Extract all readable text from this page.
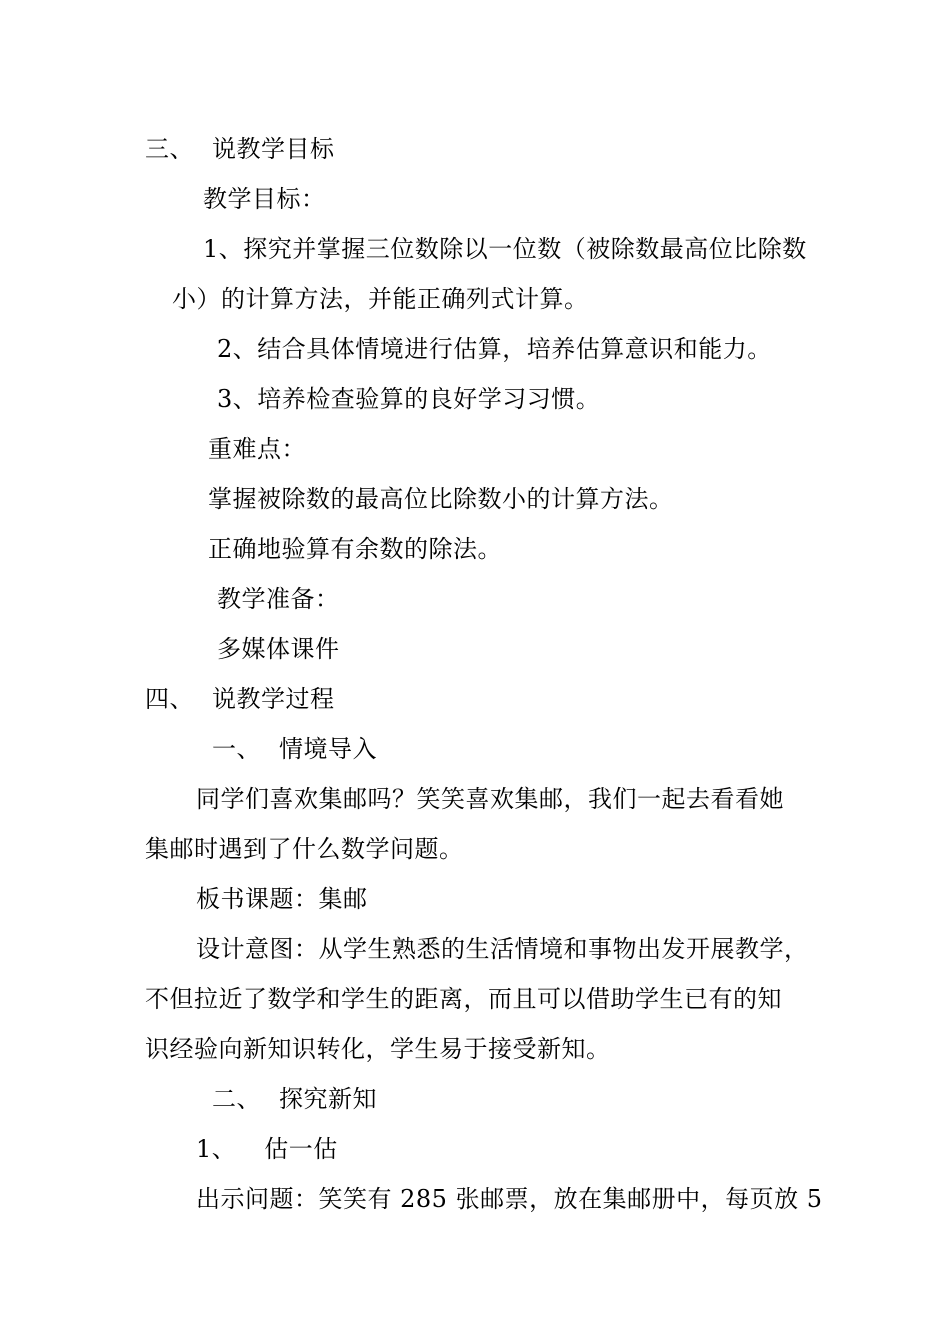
三、 说教学目标
教学目标：
1、探究并掌握三位数除以一位数（被除数最高位比除数
小）的计算方法，并能正确列式计算。
2、结合具体情境进行估算，培养估算意识和能力。
3、培养检查验算的良好学习习惯。
重难点：
掌握被除数的最高位比除数小的计算方法。
正确地验算有余数的除法。
教学准备：
多媒体课件
四、 说教学过程
一、 情境导入
同学们喜欢集邮吗？笑笑喜欢集邮，我们一起去看看她
集邮时遇到了什么数学问题。
板书课题：集邮
设计意图：从学生熟悉的生活情境和事物出发开展教学，
不但拉近了数学和学生的距离，而且可以借助学生已有的知
识经验向新知识转化，学生易于接受新知。
二、 探究新知
1、 估一估
出示问题：笑笑有 285 张邮票，放在集邮册中，每页放 5
